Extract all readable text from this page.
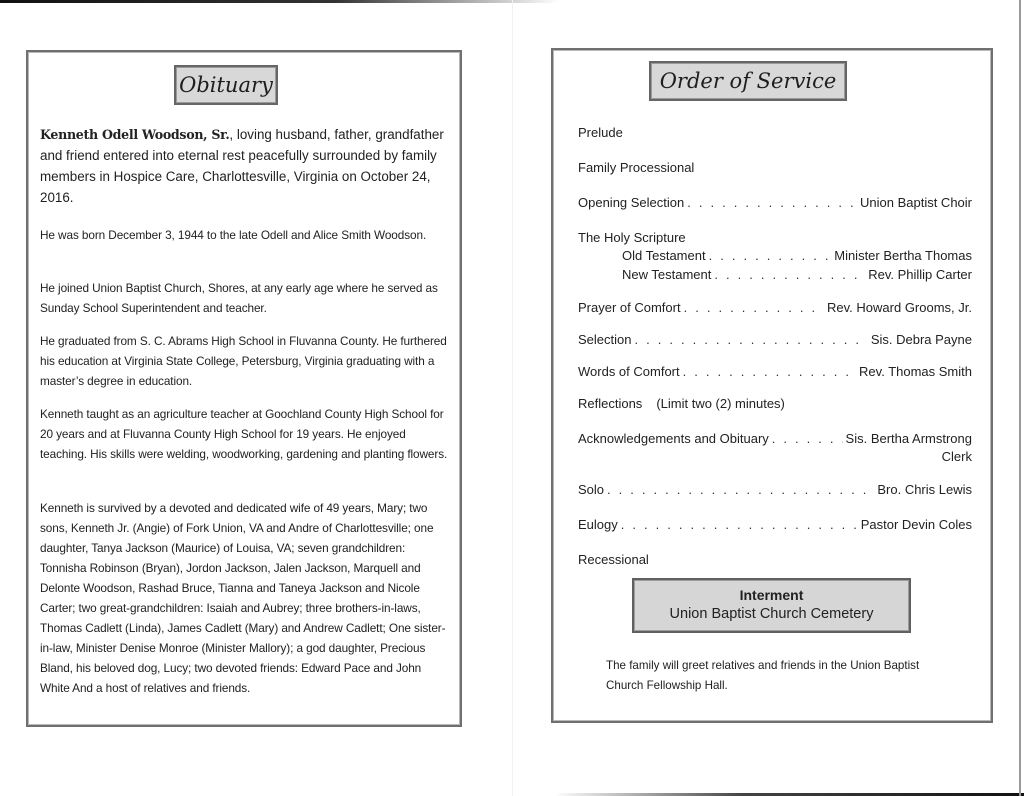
Obituary

Kenneth Odell Woodson, Sr., loving husband, father, grandfather and friend entered into eternal rest peacefully surrounded by family members in Hospice Care, Charlottesville, Virginia on October 24, 2016.

He was born December 3, 1944 to the late Odell and Alice Smith Woodson.

He joined Union Baptist Church, Shores, at any early age where he served as Sunday School Superintendent and teacher.

He graduated from S. C. Abrams High School in Fluvanna County. He furthered his education at Virginia State College, Petersburg, Virginia graduating with a master’s degree in education.

Kenneth taught as an agriculture teacher at Goochland County High School for 20 years and at Fluvanna County High School for 19 years. He enjoyed teaching. His skills were welding, woodworking, gardening and planting flowers.

Kenneth is survived by a devoted and dedicated wife of 49 years, Mary; two sons, Kenneth Jr. (Angie) of Fork Union, VA and Andre of Charlottesville; one daughter, Tanya Jackson (Maurice) of Louisa, VA; seven grandchildren: Tonnisha Robinson (Bryan), Jordon Jackson, Jalen Jackson, Marquell and Delonte Woodson, Rashad Bruce, Tianna and Taneya Jackson and Nicole Carter; two great-grandchildren: Isaiah and Aubrey; three brothers-in-laws, Thomas Cadlett (Linda), James Cadlett (Mary) and Andrew Cadlett; One sister-in-law, Minister Denise Monroe (Minister Mallory); a god daughter, Precious Bland, his beloved dog, Lucy; two devoted friends: Edward Pace and John White And a host of relatives and friends.

Order of Service
Prelude
Family Processional
Opening Selection . . .	Union Baptist Choir
The Holy Scripture
Old Testament . . .	Minister Bertha Thomas
New Testament . . .	Rev. Phillip Carter
Prayer of Comfort . . .	Rev. Howard Grooms, Jr.
Selection . . .	Sis. Debra Payne
Words of Comfort . . .	Rev. Thomas Smith
Reflections (Limit two (2) minutes)
Acknowledgements and Obituary . . .	Sis. Bertha Armstrong
Clerk
Solo . . .	Bro. Chris Lewis
Eulogy . . .	Pastor Devin Coles
Recessional
Interment
Union Baptist Church Cemetery
The family will greet relatives and friends in the Union Baptist Church Fellowship Hall.
